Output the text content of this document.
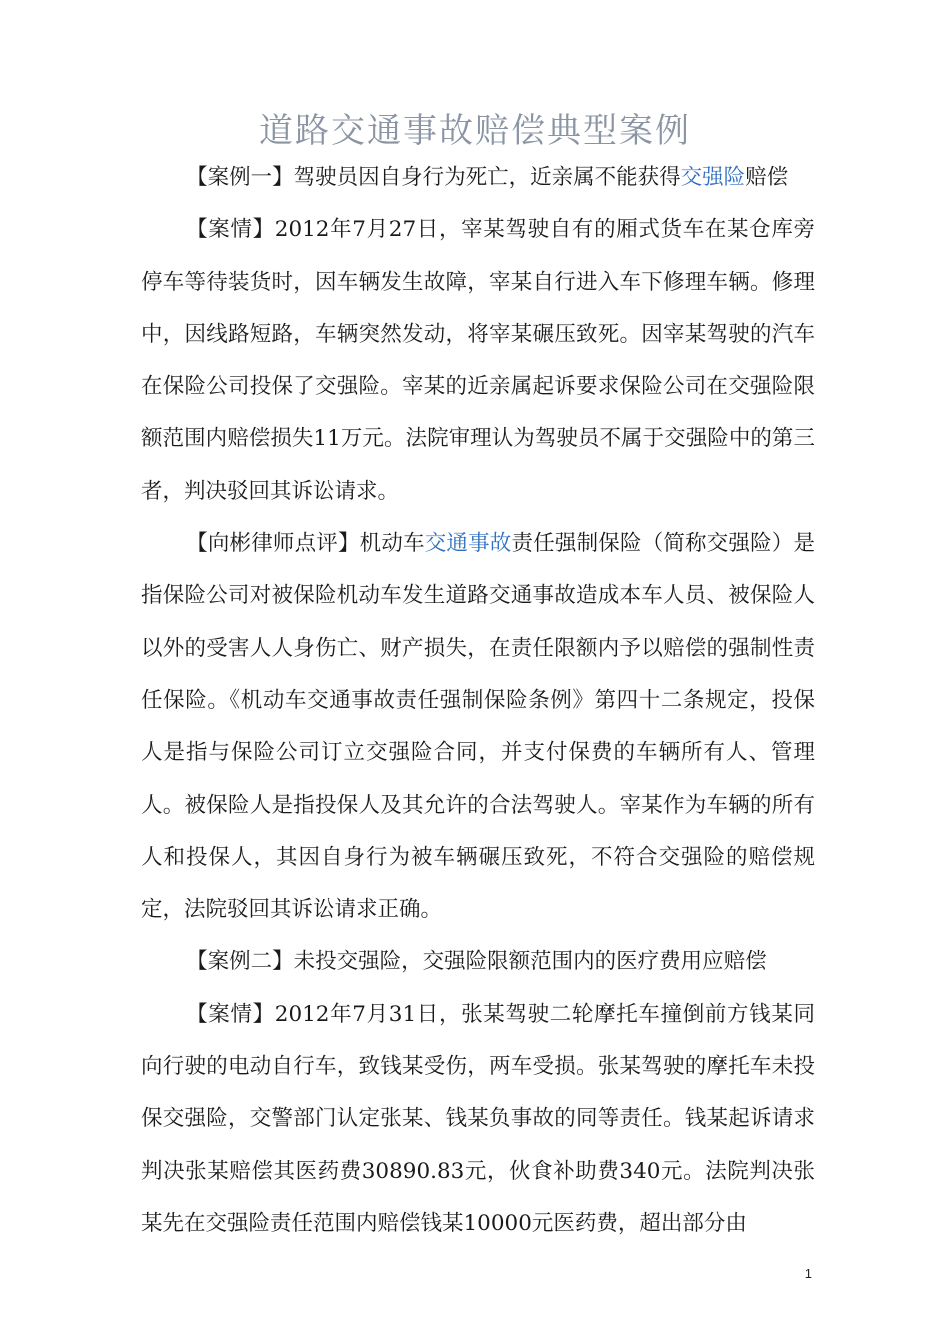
道路交通事故赔偿典型案例

【案例一】驾驶员因自身行为死亡，近亲属不能获得交强险赔偿

【案情】2012年7月27日，宰某驾驶自有的厢式货车在某仓库旁停车等待装货时，因车辆发生故障，宰某自行进入车下修理车辆。修理中，因线路短路，车辆突然发动，将宰某碾压致死。因宰某驾驶的汽车在保险公司投保了交强险。宰某的近亲属起诉要求保险公司在交强险限额范围内赔偿损失11万元。法院审理认为驾驶员不属于交强险中的第三者，判决驳回其诉讼请求。

【向彬律师点评】机动车交通事故责任强制保险（简称交强险）是指保险公司对被保险机动车发生道路交通事故造成本车人员、被保险人以外的受害人人身伤亡、财产损失，在责任限额内予以赔偿的强制性责任保险。《机动车交通事故责任强制保险条例》第四十二条规定，投保人是指与保险公司订立交强险合同，并支付保费的车辆所有人、管理人。被保险人是指投保人及其允许的合法驾驶人。宰某作为车辆的所有人和投保人，其因自身行为被车辆碾压致死，不符合交强险的赔偿规定，法院驳回其诉讼请求正确。

【案例二】未投交强险，交强险限额范围内的医疗费用应赔偿

【案情】2012年7月31日，张某驾驶二轮摩托车撞倒前方钱某同向行驶的电动自行车，致钱某受伤，两车受损。张某驾驶的摩托车未投保交强险，交警部门认定张某、钱某负事故的同等责任。钱某起诉请求判决张某赔偿其医药费30890.83元，伙食补助费340元。法院判决张某先在交强险责任范围内赔偿钱某10000元医药费，超出部分由

1
